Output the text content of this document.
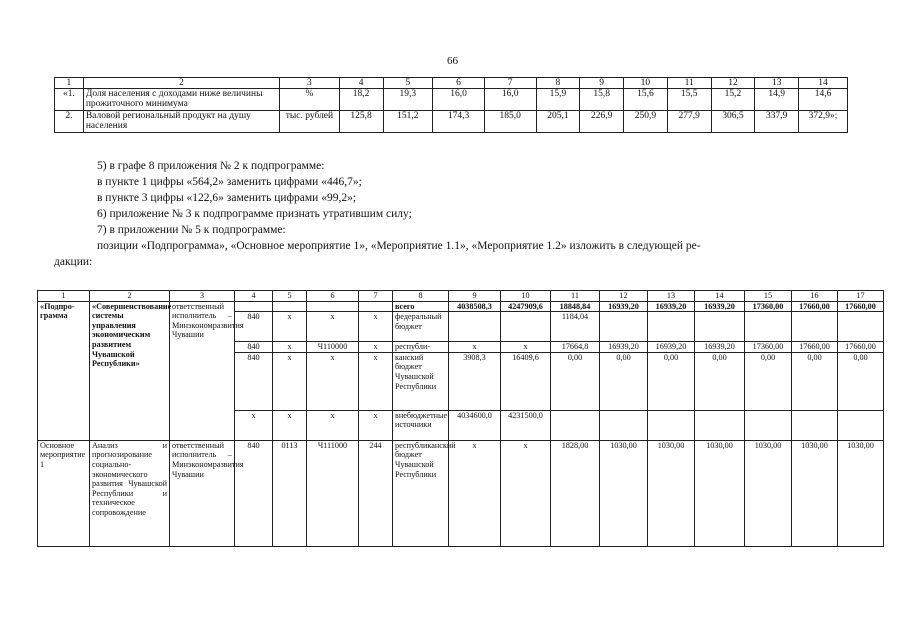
66
1	2	3	4	5	6	7	8	9	10	11	12	13	14
«1.	Доля населения с доходами ниже величины прожиточного минимума	%	18,2	19,3	16,0	16,0	15,9	15,8	15,6	15,5	15,2	14,9	14,6
2.	Валовой региональный продукт на душу населения	тыс. рублей	125,8	151,2	174,3	185,0	205,1	226,9	250,9	277,9	306,5	337,9	372,9»;
5) в графе 8 приложения № 2 к подпрограмме:
в пункте 1 цифры «564,2» заменить цифрами «446,7»;
в пункте 3 цифры «122,6» заменить цифрами «99,2»;
6) приложение № 3 к подпрограмме признать утратившим силу;
7) в приложении № 5 к подпрограмме:
позиции «Подпрограмма», «Основное мероприятие 1», «Мероприятие 1.1», «Мероприятие 1.2» изложить в следующей ре-
дакции:
1	2	3	4	5	6	7	8	9	10	11	12	13	14	15	16	17
«Подпро-грамма	«Совершенствование системы управления экономическим развитием Чувашской Республики»	ответственный исполнитель – Минэкономразвития Чувашии					всего	4038508,3	4247909,6	18848,84	16939,20	16939,20	16939,20	17360,00	17660,00	17660,00
			840	x	x	x	федеральный бюджет			1184,04						
			840	x	Ч110000	x	республи-	x	x	17664,8	16939,20	16939,20	16939,20	17360,00	17660,00	17660,00
			840	x	x	x	канский бюджет Чувашской Республики	3908,3	16409,6	0,00	0,00	0,00	0,00	0,00	0,00	0,00
			x	x	x	x	внебюджетные источники	4034600,0	4231500,0							
Основное мероприятие 1	Анализ и прогнозирование социально-экономического развития Чувашской Республики и техническое сопровождение	ответственный исполнитель – Минэкономразвития Чувашии	840	0113	Ч111000	244	республиканский бюджет Чувашской Республики	x	x	1828,00	1030,00	1030,00	1030,00	1030,00	1030,00	1030,00
